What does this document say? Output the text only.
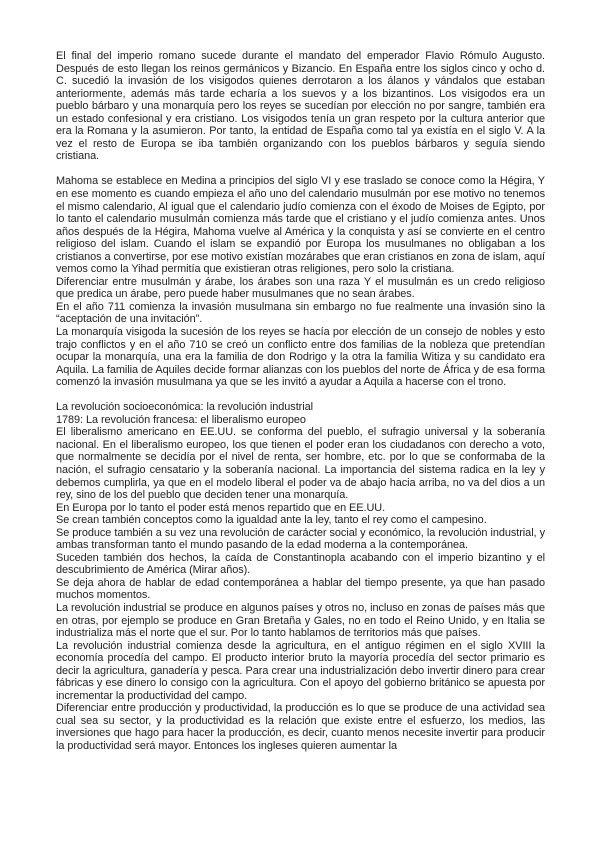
El final del imperio romano sucede durante el mandato del emperador Flavio Rómulo Augusto. Después de esto llegan los reinos germánicos y Bizancio. En España entre los siglos cinco y ocho d. C. sucedió la invasión de los visigodos quienes derrotaron a los álanos y vándalos que estaban anteriormente, además más tarde echaría a los suevos y a los bizantinos. Los visigodos era un pueblo bárbaro y una monarquía pero los reyes se sucedían por elección no por sangre, también era un estado confesional y era cristiano. Los visigodos tenía un gran respeto por la cultura anterior que era la Romana y la asumieron. Por tanto, la entidad de España como tal ya existía en el siglo V. A la vez el resto de Europa se iba también organizando con los pueblos bárbaros y seguía siendo cristiana.

Mahoma se establece en Medina a principios del siglo VI y ese traslado se conoce como la Hégira, Y en ese momento es cuando empieza el año uno del calendario musulmán por ese motivo no tenemos el mismo calendario, Al igual que el calendario judío comienza con el éxodo de Moises de Egipto, por lo tanto el calendario musulmán comienza más tarde que el cristiano y el judío comienza antes. Unos años después de la Hégira, Mahoma vuelve al América y la conquista y así se convierte en el centro religioso del islam. Cuando el islam se expandió por Europa los musulmanes no obligaban a los cristianos a convertirse, por ese motivo existían mozárabes que eran cristianos en zona de islam, aquí vemos como la Yihad permitía que existieran otras religiones, pero solo la cristiana.

Diferenciar entre musulmán y árabe, los árabes son una raza Y el musulmán es un credo religioso que predica un árabe, pero puede haber musulmanes que no sean árabes.

En el año 711 comienza la invasión musulmana sin embargo no fue realmente una invasión sino la “aceptación de una invitación”.

La monarquía visigoda la sucesión de los reyes se hacía por elección de un consejo de nobles y esto trajo conflictos y en el año 710 se creó un conflicto entre dos familias de la nobleza que pretendían ocupar la monarquía, una era la familia de don Rodrigo y la otra la familia Witiza y su candidato era Aquila. La familia de Aquiles decide formar alianzas con los pueblos del norte de África y de esa forma comenzó la invasión musulmana ya que se les invitó a ayudar a Aquila a hacerse con el trono.

La revolución socioeconómica: la revolución industrial

1789: La revolución francesa: el liberalismo europeo

El liberalismo americano en EE.UU. se conforma del pueblo, el sufragio universal y la soberanía nacional. En el liberalismo europeo, los que tienen el poder eran los ciudadanos con derecho a voto, que normalmente se decidía por el nivel de renta, ser hombre, etc. por lo que se conformaba de la nación, el sufragio censatario y la soberanía nacional. La importancia del sistema radica en la ley y debemos cumplirla, ya que en el modelo liberal el poder va de abajo hacia arriba, no va del dios a un rey, sino de los del pueblo que deciden tener una monarquía.

En Europa por lo tanto el poder está menos repartido que en EE.UU.

Se crean también conceptos como la igualdad ante la ley, tanto el rey como el campesino.

Se produce también a su vez una revolución de carácter social y económico, la revolución industrial, y ambas transforman tanto el mundo pasando de la edad moderna a la contemporánea.

Suceden también dos hechos, la caída de Constantinopla acabando con el imperio bizantino y el descubrimiento de América (Mirar años).

Se deja ahora de hablar de edad contemporánea a hablar del tiempo presente, ya que han pasado muchos momentos.

La revolución industrial se produce en algunos países y otros no, incluso en zonas de países más que en otras, por ejemplo se produce en Gran Bretaña y Gales, no en todo el Reino Unido, y en Italia se industrializa más el norte que el sur. Por lo tanto hablamos de territorios más que países.

La revolución industrial comienza desde la agricultura, en el antiguo régimen en el siglo XVIII la economía procedía del campo. El producto interior bruto la mayoría procedía del sector primario es decir la agricultura, ganadería y pesca. Para crear una industrialización debo invertir dinero para crear fábricas y ese dinero lo consigo con la agricultura. Con el apoyo del gobierno británico se apuesta por incrementar la productividad del campo.

Diferenciar entre producción y productividad, la producción es lo que se produce de una actividad sea cual sea su sector, y la productividad es la relación que existe entre el esfuerzo, los medios, las inversiones que hago para hacer la producción, es decir, cuanto menos necesite invertir para producir la productividad será mayor. Entonces los ingleses quieren aumentar la
